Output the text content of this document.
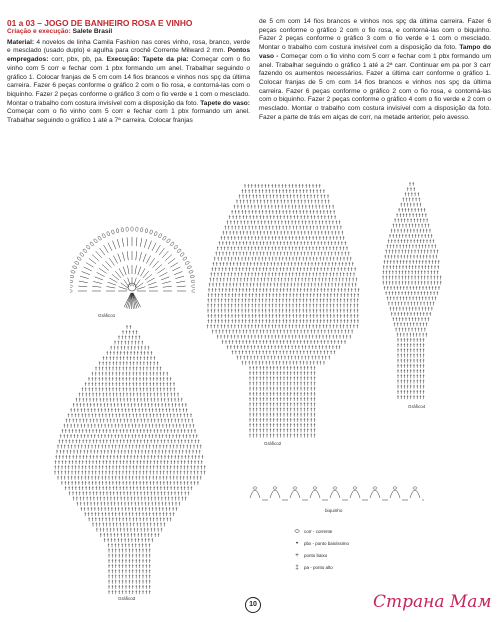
01 a 03 – JOGO DE BANHEIRO ROSA E VINHO
Criação e execução: Salete Brasil

Material: 4 novelos de linha Camila Fashion nas cores vinho, rosa, branco, verde e mesclado (usado duplo) e agulha para crochê Corrente Milward 2 mm. Pontos empregados: corr, pbx, pb, pa. Execução: Tapete da pia: Começar com o fio vinho com 5 corr e fechar com 1 pbx formando um anel. Trabalhar seguindo o gráfico 1. Colocar franjas de 5 cm com 14 fios brancos e vinhos nos spç da última carreira. Fazer 6 peças conforme o gráfico 2 com o fio rosa, e contorná-las com o biquinho. Fazer 2 peças conforme o gráfico 3 com o fio verde e 1 com o mesclado. Montar o trabalho com costura invisível com a disposição da foto. Tapete do vaso: Começar com o fio vinho com 5 corr e fechar com 1 pbx formando um anel. Trabalhar seguindo o gráfico 1 até a 7ª carreira. Colocar franjas

de 5 cm com 14 fios brancos e vinhos nos spç da última carreira. Fazer 6 peças conforme o gráfico 2 com o fio rosa, e contorná-las com o biquinho. Fazer 2 peças conforme o gráfico 3 com o fio verde e 1 com o mesclado. Montar o trabalho com costura invisível com a disposição da foto. Tampo do vaso - Começar com o fio vinho com 5 corr e fechar com 1 pbx formando um anel. Trabalhar seguindo o gráfico 1 até a 2ª carr. Continuar em pa por 3 carr fazendo os aumentos necessários. Fazer a última carr conforme o gráfico 1. Colocar franjas de 5 cm com 14 fios brancos e vinhos nos spç da última carreira. Fazer 6 peças conforme o gráfico 2 com o fio rosa, e contorná-las com o biquinho. Fazer 2 peças conforme o gráfico 4 com o fio verde e 2 com o mesclado. Montar o trabalho com costura invisível com a disposição da foto. Fazer a parte de trás em alças de corr, na metade anterior, pelo avesso.

Gráfico1
Gráfico2
Gráfico3
Gráfico4
biquinho
⬭ corr - corrente
•	pbx - ponto baixíssimo
+	ponto baixo
‡	pa - ponto alto
10	Страна Мам
